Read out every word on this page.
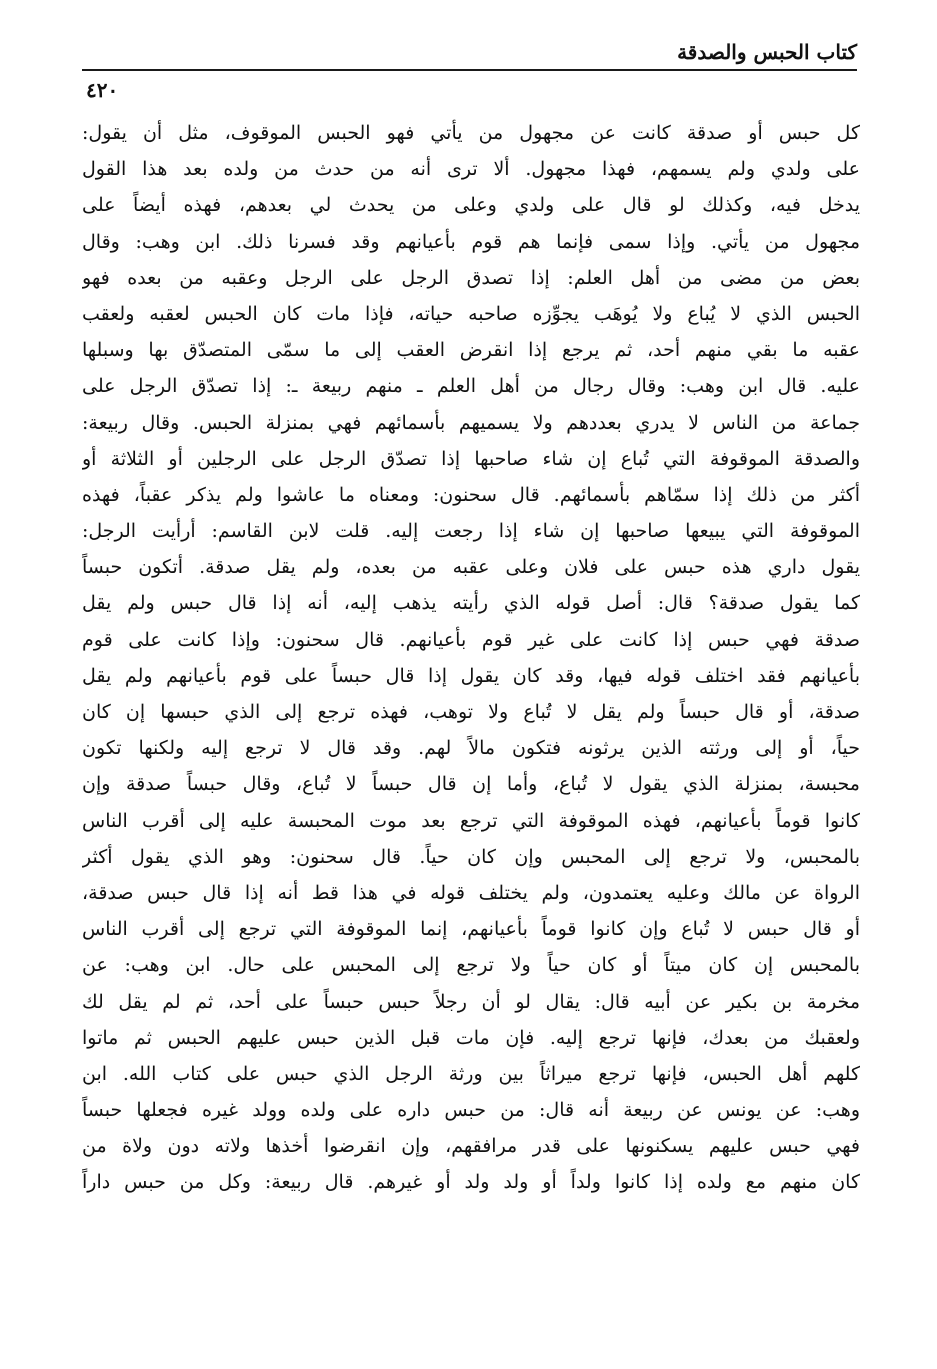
كتاب الحبس والصدقة
٤٢٠
كل حبس أو صدقة كانت عن مجهول من يأتي فهو الحبس الموقوف، مثل أن يقول:
على ولدي ولم يسمهم، فهذا مجهول. ألا ترى أنه من حدث من ولده بعد هذا القول
يدخل فيه، وكذلك لو قال على ولدي وعلى من يحدث لي بعدهم، فهذه أيضاً على
مجهول من يأتي. وإذا سمى فإنما هم قوم بأعيانهم وقد فسرنا ذلك. ابن وهب: وقال
بعض من مضى من أهل العلم: إذا تصدق الرجل على الرجل وعقبه من بعده فهو
الحبس الذي لا يُباع ولا يُوهَب يجوِّزه صاحبه حياته، فإذا مات كان الحبس لعقبه ولعقب
عقبه ما بقي منهم أحد، ثم يرجع إذا انقرض العقب إلى ما سمّى المتصدّق بها وسبلها
عليه. قال ابن وهب: وقال رجال من أهل العلم ـ منهم ربيعة ـ: إذا تصدّق الرجل على
جماعة من الناس لا يدري بعددهم ولا يسميهم بأسمائهم فهي بمنزلة الحبس. وقال ربيعة:
والصدقة الموقوفة التي تُباع إن شاء صاحبها إذا تصدّق الرجل على الرجلين أو الثلاثة أو
أكثر من ذلك إذا سمّاهم بأسمائهم. قال سحنون: ومعناه ما عاشوا ولم يذكر عقباً، فهذه
الموقوفة التي يبيعها صاحبها إن شاء إذا رجعت إليه. قلت لابن القاسم: أرأيت الرجل:
يقول داري هذه حبس على فلان وعلى عقبه من بعده، ولم يقل صدقة. أتكون حبساً
كما يقول صدقة؟ قال: أصل قوله الذي رأيته يذهب إليه، أنه إذا قال حبس ولم يقل
صدقة فهي حبس إذا كانت على غير قوم بأعيانهم. قال سحنون: وإذا كانت على قوم
بأعيانهم فقد اختلف قوله فيها، وقد كان يقول إذا قال حبساً على قوم بأعيانهم ولم يقل
صدقة، أو قال حبساً ولم يقل لا تُباع ولا توهب، فهذه ترجع إلى الذي حبسها إن كان
حياً، أو إلى ورثته الذين يرثونه فتكون مالاً لهم. وقد قال لا ترجع إليه ولكنها تكون
محبسة، بمنزلة الذي يقول لا تُباع، وأما إن قال حبساً لا تُباع، وقال حبساً صدقة وإن
كانوا قوماً بأعيانهم، فهذه الموقوفة التي ترجع بعد موت المحبسة عليه إلى أقرب الناس
بالمحبس، ولا ترجع إلى المحبس وإن كان حياً. قال سحنون: وهو الذي يقول أكثر
الرواة عن مالك وعليه يعتمدون، ولم يختلف قوله في هذا قط أنه إذا قال حبس صدقة،
أو قال حبس لا تُباع وإن كانوا قوماً بأعيانهم، إنما الموقوفة التي ترجع إلى أقرب الناس
بالمحبس إن كان ميتاً أو كان حياً ولا ترجع إلى المحبس على حال. ابن وهب: عن
مخرمة بن بكير عن أبيه قال: يقال لو أن رجلاً حبس حبساً على أحد، ثم لم يقل لك
ولعقبك من بعدك، فإنها ترجع إليه. فإن مات قبل الذين حبس عليهم الحبس ثم ماتوا
كلهم أهل الحبس، فإنها ترجع ميراثاً بين ورثة الرجل الذي حبس على كتاب الله. ابن
وهب: عن يونس عن ربيعة أنه قال: من حبس داره على ولده وولد غيره فجعلها حبساً
فهي حبس عليهم يسكنونها على قدر مرافقهم، وإن انقرضوا أخذها ولاته دون ولاة من
كان منهم مع ولده إذا كانوا ولداً أو ولد ولد أو غيرهم. قال ربيعة: وكل من حبس داراً
